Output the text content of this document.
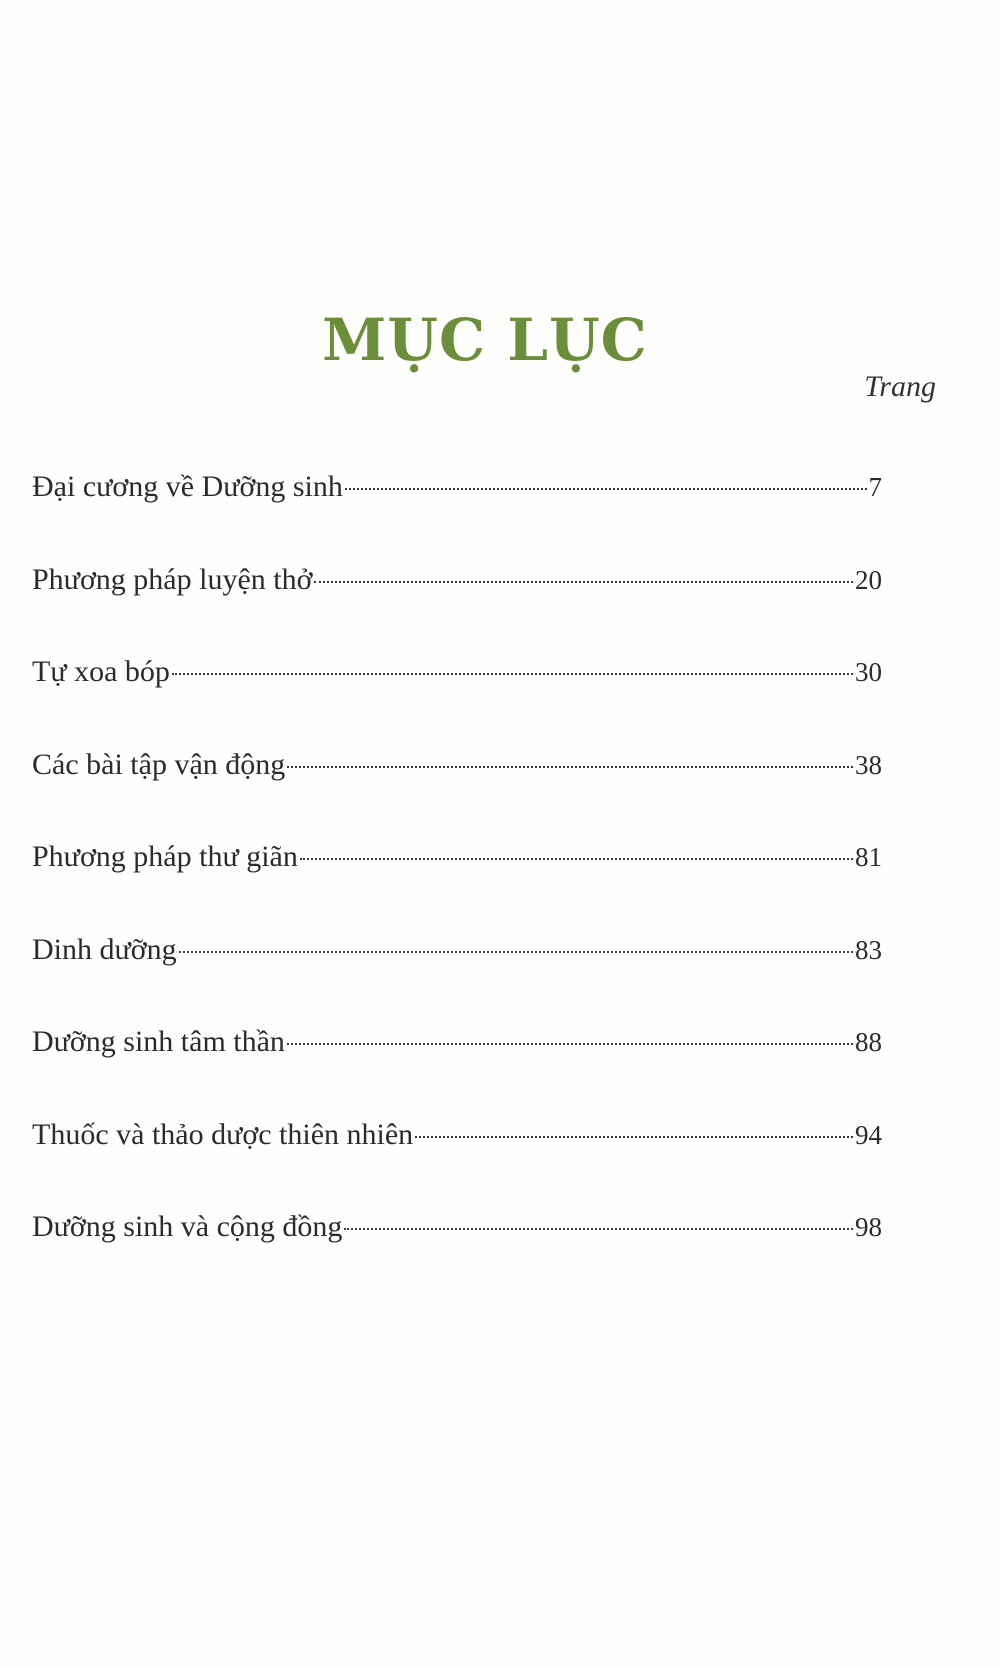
MỤC LỤC
Trang
Đại cương về Dưỡng sinh	7
Phương pháp luyện thở	20
Tự xoa bóp	30
Các bài tập vận động	38
Phương pháp thư giãn	81
Dinh dưỡng	83
Dưỡng sinh tâm thần	88
Thuốc và thảo dược thiên nhiên	94
Dưỡng sinh và cộng đồng	98
